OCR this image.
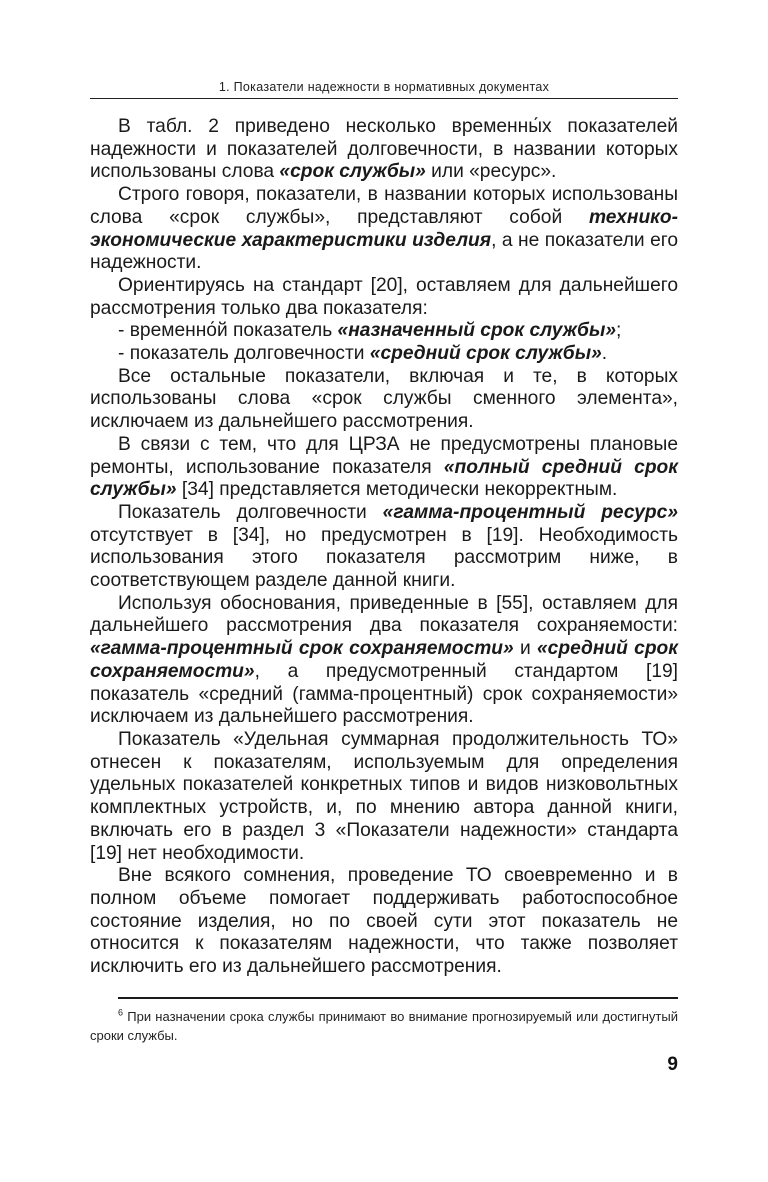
1. Показатели надежности в нормативных документах

В табл. 2 приведено несколько временны́х показателей надежности и показателей долговечности, в названии которых использованы слова «срок службы» или «ресурс».

Строго говоря, показатели, в названии которых использованы слова «срок службы», представляют собой технико-экономические характеристики изделия, а не показатели его надежности.

Ориентируясь на стандарт [20], оставляем для дальнейшего рассмотрения только два показателя:

- временно́й показатель «назначенный срок службы»;

- показатель долговечности «средний срок службы».

Все остальные показатели, включая и те, в которых использованы слова «срок службы сменного элемента», исключаем из дальнейшего рассмотрения.

В связи с тем, что для ЦРЗА не предусмотрены плановые ремонты, использование показателя «полный средний срок службы» [34] представляется методически некорректным.

Показатель долговечности «гамма-процентный ресурс» отсутствует в [34], но предусмотрен в [19]. Необходимость использования этого показателя рассмотрим ниже, в соответствующем разделе данной книги.

Используя обоснования, приведенные в [55], оставляем для дальнейшего рассмотрения два показателя сохраняемости: «гамма-процентный срок сохраняемости» и «средний срок сохраняемости», а предусмотренный стандартом [19] показатель «средний (гамма-процентный) срок сохраняемости» исключаем из дальнейшего рассмотрения.

Показатель «Удельная суммарная продолжительность ТО» отнесен к показателям, используемым для определения удельных показателей конкретных типов и видов низковольтных комплектных устройств, и, по мнению автора данной книги, включать его в раздел 3 «Показатели надежности» стандарта [19] нет необходимости.

Вне всякого сомнения, проведение ТО своевременно и в полном объеме помогает поддерживать работоспособное состояние изделия, но по своей сути этот показатель не относится к показателям надежности, что также позволяет исключить его из дальнейшего рассмотрения.

$^6$ При назначении срока службы принимают во внимание прогнозируемый или достигнутый сроки службы.

9
